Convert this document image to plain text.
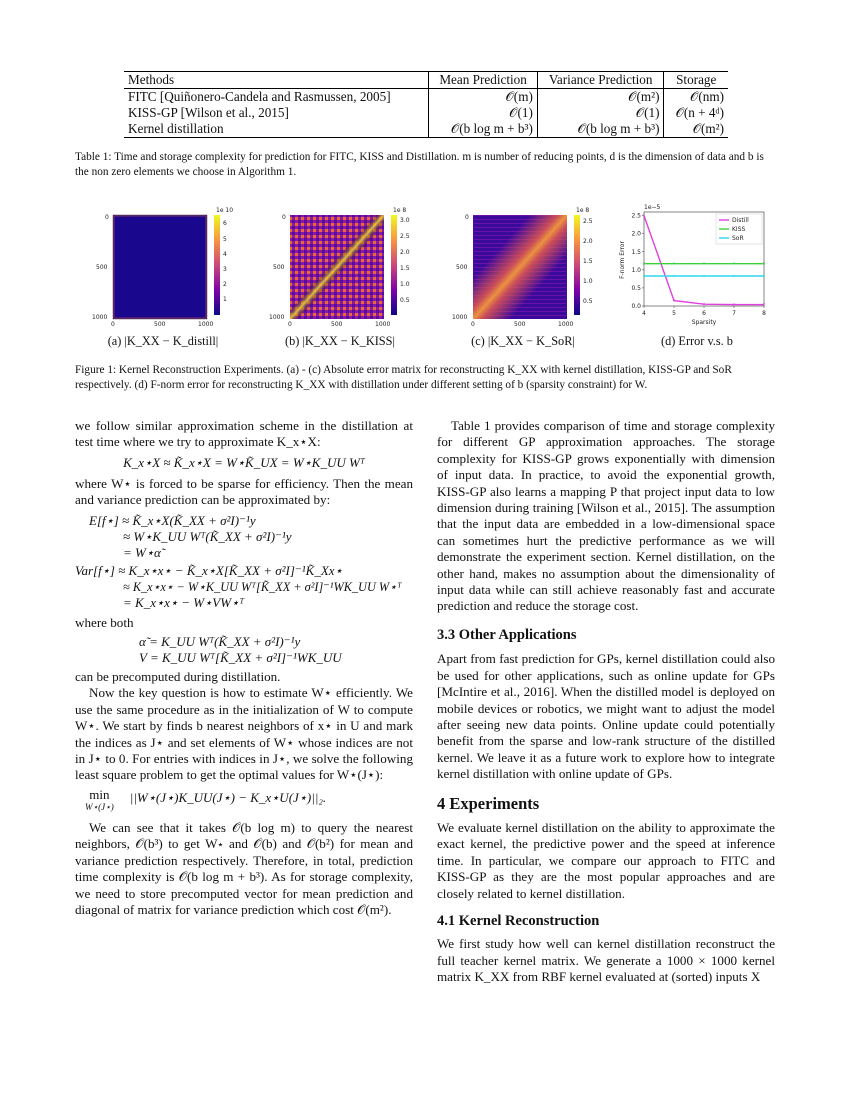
Methods	Mean Prediction	Variance Prediction	Storage
FITC [Quiñonero-Candela and Rasmussen, 2005]	𝒪(m)	𝒪(m²)	𝒪(nm)
KISS-GP [Wilson et al., 2015]	𝒪(1)	𝒪(1)	𝒪(n + 4ᵈ)
Kernel distillation	𝒪(b log m + b³)	𝒪(b log m + b³)	𝒪(m²)
Table 1: Time and storage complexity for prediction for FITC, KISS and Distillation. m is number of reducing points, d is the dimension of data and b is the non zero elements we choose in Algorithm 1.
1e 10
6
5
4
3
2
1
0
500
1000
0	500	1000
1e 8
3.0
2.5
2.0
1.5
1.0
0.5
0
500
1000
0	500	1000
1e 8
2.5
2.0
1.5
1.0
0.5
0
500
1000
0	500	1000
1e−5
F-norm Error
Sparsity
4	5	6	7	8
0.0
0.5
1.0
1.5
2.0
2.5 ×
×
×	×	×
×	×	×	×	×
×	×	×	×	×
Distill
KISS
SoR
(a) |K_XX − K_distill|	(b) |K_XX − K_KISS|	(c) |K_XX − K_SoR|	(d) Error v.s. b
Figure 1: Kernel Reconstruction Experiments. (a) - (c) Absolute error matrix for reconstructing K_XX with kernel distillation, KISS-GP and SoR respectively. (d) F-norm error for reconstructing K_XX with distillation under different setting of b (sparsity constraint) for W.

we follow similar approximation scheme in the distillation at test time where we try to approximate K_x⋆X:

K_x⋆X ≈ K̃_x⋆X = W⋆K̃_UX = W⋆K_UU Wᵀ

where W⋆ is forced to be sparse for efficiency. Then the mean and variance prediction can be approximated by:

E[f⋆] ≈ K̃_x⋆X(K̃_XX + σ²I)⁻¹y
≈ W⋆K_UU Wᵀ(K̃_XX + σ²I)⁻¹y
= W⋆α̃
Var[f⋆] ≈ K_x⋆x⋆ − K̃_x⋆X[K̃_XX + σ²I]⁻¹K̃_Xx⋆
≈ K_x⋆x⋆ − W⋆K_UU Wᵀ[K̃_XX + σ²I]⁻¹WK_UU W⋆ᵀ
= K_x⋆x⋆ − W⋆VW⋆ᵀ

where both

α̃ = K_UU Wᵀ(K̃_XX + σ²I)⁻¹y
V = K_UU Wᵀ[K̃_XX + σ²I]⁻¹WK_UU

can be precomputed during distillation.

Now the key question is how to estimate W⋆ efficiently. We use the same procedure as in the initialization of W to compute W⋆. We start by finds b nearest neighbors of x⋆ in U and mark the indices as J⋆ and set elements of W⋆ whose indices are not in J⋆ to 0. For entries with indices in J⋆, we solve the following least square problem to get the optimal values for W⋆(J⋆):

min
W⋆(J⋆)
||W⋆(J⋆)K_UU(J⋆) − K_x⋆U(J⋆)||₂.

We can see that it takes 𝒪(b log m) to query the nearest neighbors, 𝒪(b³) to get W⋆ and 𝒪(b) and 𝒪(b²) for mean and variance prediction respectively. Therefore, in total, prediction time complexity is 𝒪(b log m + b³). As for storage complexity, we need to store precomputed vector for mean prediction and diagonal of matrix for variance prediction which cost 𝒪(m²).

Table 1 provides comparison of time and storage complexity for different GP approximation approaches. The storage complexity for KISS-GP grows exponentially with dimension of input data. In practice, to avoid the exponential growth, KISS-GP also learns a mapping P that project input data to low dimension during training [Wilson et al., 2015]. The assumption that the input data are embedded in a low-dimensional space can sometimes hurt the predictive performance as we will demonstrate the experiment section. Kernel distillation, on the other hand, makes no assumption about the dimensionality of input data while can still achieve reasonably fast and accurate prediction and reduce the storage cost.

3.3 Other Applications

Apart from fast prediction for GPs, kernel distillation could also be used for other applications, such as online update for GPs [McIntire et al., 2016]. When the distilled model is deployed on mobile devices or robotics, we might want to adjust the model after seeing new data points. Online update could potentially benefit from the sparse and low-rank structure of the distilled kernel. We leave it as a future work to explore how to integrate kernel distillation with online update of GPs.

4 Experiments

We evaluate kernel distillation on the ability to approximate the exact kernel, the predictive power and the speed at inference time. In particular, we compare our approach to FITC and KISS-GP as they are the most popular approaches and are closely related to kernel distillation.

4.1 Kernel Reconstruction

We first study how well can kernel distillation reconstruct the full teacher kernel matrix. We generate a 1000 × 1000 kernel matrix K_XX from RBF kernel evaluated at (sorted) inputs X
